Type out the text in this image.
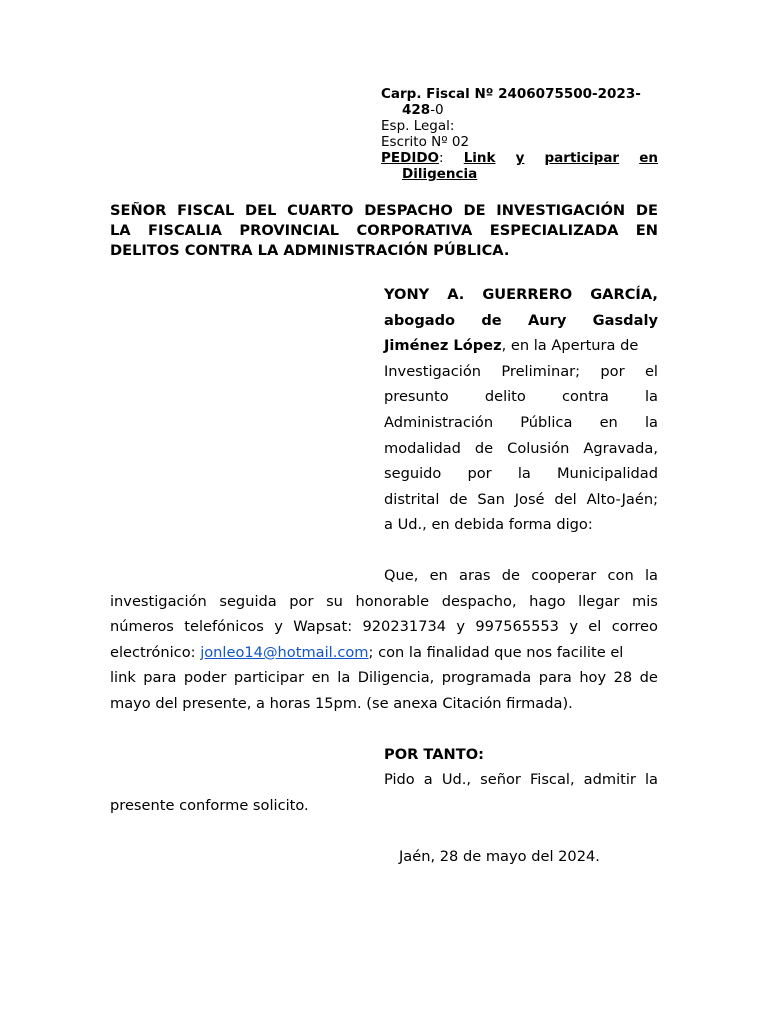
Carp. Fiscal Nº 2406075500-2023-
428-0
Esp. Legal:
Escrito Nº 02
PEDIDO: Link y participar en
Diligencia
SEÑOR FISCAL DEL CUARTO DESPACHO DE INVESTIGACIÓN DE
LA FISCALIA PROVINCIAL CORPORATIVA ESPECIALIZADA EN
DELITOS CONTRA LA ADMINISTRACIÓN PÚBLICA.
YONY A. GUERRERO GARCÍA,
abogado de Aury Gasdaly
Jiménez López, en la Apertura de
Investigación Preliminar; por el
presunto delito contra la
Administración Pública en la
modalidad de Colusión Agravada,
seguido por la Municipalidad
distrital de San José del Alto-Jaén;
a Ud., en debida forma digo:
Que, en aras de cooperar con la
investigación seguida por su honorable despacho, hago llegar mis
números telefónicos y Wapsat: 920231734 y 997565553 y el correo
electrónico: jonleo14@hotmail.com; con la finalidad que nos facilite el
link para poder participar en la Diligencia, programada para hoy 28 de
mayo del presente, a horas 15pm. (se anexa Citación firmada).
POR TANTO:
Pido a Ud., señor Fiscal, admitir la
presente conforme solicito.
Jaén, 28 de mayo del 2024.
